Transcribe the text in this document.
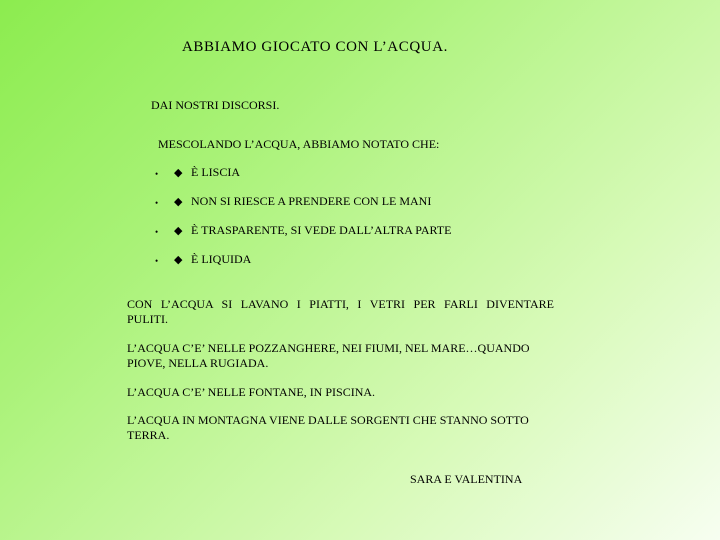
ABBIAMO GIOCATO CON L’ACQUA.
DAI NOSTRI DISCORSI.
MESCOLANDO L’ACQUA, ABBIAMO NOTATO CHE:
• ◆ È LISCIA
• ◆ NON SI RIESCE A PRENDERE CON LE MANI
• ◆ È TRASPARENTE, SI VEDE DALL’ALTRA PARTE
• ◆ È LIQUIDA

CON L’ACQUA SI LAVANO I PIATTI, I VETRI PER FARLI DIVENTARE PULITI.

L’ACQUA C’E’ NELLE POZZANGHERE, NEI FIUMI, NEL MARE…QUANDO PIOVE, NELLA RUGIADA.

L’ACQUA C’E’ NELLE FONTANE, IN PISCINA.

L’ACQUA IN MONTAGNA VIENE DALLE SORGENTI CHE STANNO SOTTO TERRA.

SARA E VALENTINA
